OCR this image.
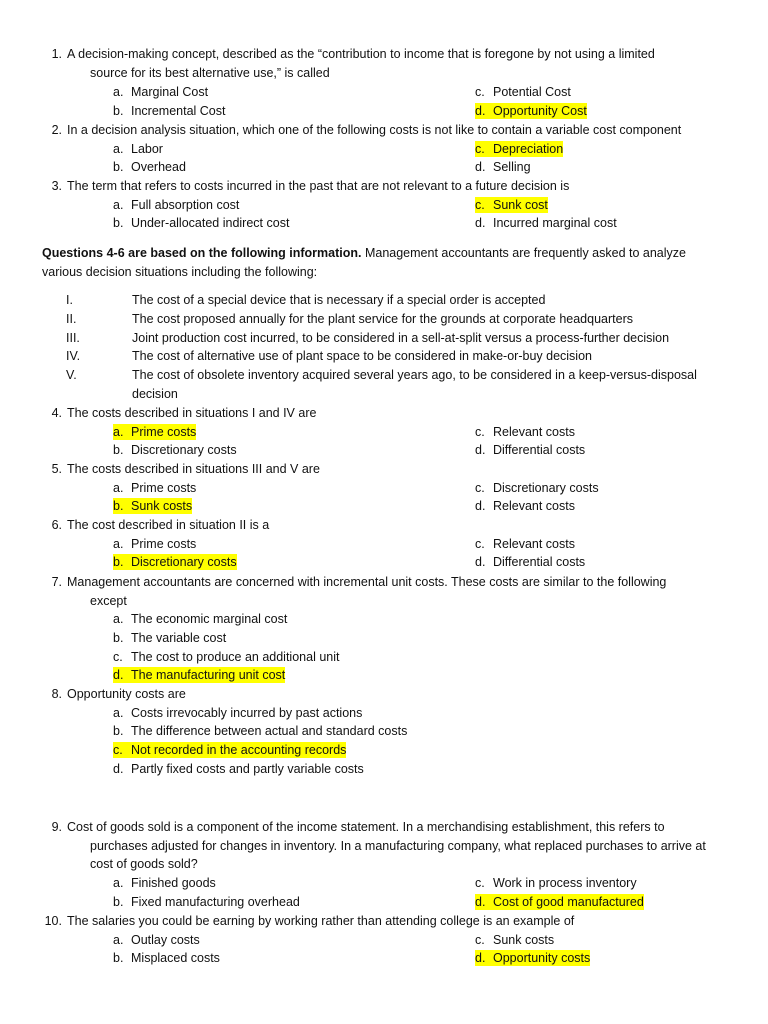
1. A decision-making concept, described as the “contribution to income that is foregone by not using a limited
source for its best alternative use,” is called
a. Marginal Cost
b. Incremental Cost
c. Potential Cost
d. Opportunity Cost
2. In a decision analysis situation, which one of the following costs is not like to contain a variable cost component
a. Labor
b. Overhead
c. Depreciation
d. Selling
3. The term that refers to costs incurred in the past that are not relevant to a future decision is
a. Full absorption cost
b. Under-allocated indirect cost
c. Sunk cost
d. Incurred marginal cost
Questions 4-6 are based on the following information. Management accountants are frequently asked to analyze
various decision situations including the following:
I.	The cost of a special device that is necessary if a special order is accepted
II.	The cost proposed annually for the plant service for the grounds at corporate headquarters
III.	Joint production cost incurred, to be considered in a sell-at-split versus a process-further decision
IV.	The cost of alternative use of plant space to be considered in make-or-buy decision
V.	The cost of obsolete inventory acquired several years ago, to be considered in a keep-versus-disposal
decision
4. The costs described in situations I and IV are
a. Prime costs
b. Discretionary costs
c. Relevant costs
d. Differential costs
5. The costs described in situations III and V are
a. Prime costs
b. Sunk costs
c. Discretionary costs
d. Relevant costs
6. The cost described in situation II is a
a. Prime costs
b. Discretionary costs
c. Relevant costs
d. Differential costs
7. Management accountants are concerned with incremental unit costs. These costs are similar to the following
except
a. The economic marginal cost
b. The variable cost
c. The cost to produce an additional unit
d. The manufacturing unit cost
8. Opportunity costs are
a. Costs irrevocably incurred by past actions
b. The difference between actual and standard costs
c. Not recorded in the accounting records
d. Partly fixed costs and partly variable costs
9. Cost of goods sold is a component of the income statement. In a merchandising establishment, this refers to
purchases adjusted for changes in inventory. In a manufacturing company, what replaced purchases to arrive at
cost of goods sold?
a. Finished goods
b. Fixed manufacturing overhead
c. Work in process inventory
d. Cost of good manufactured
10. The salaries you could be earning by working rather than attending college is an example of
a. Outlay costs
b. Misplaced costs
c. Sunk costs
d. Opportunity costs
